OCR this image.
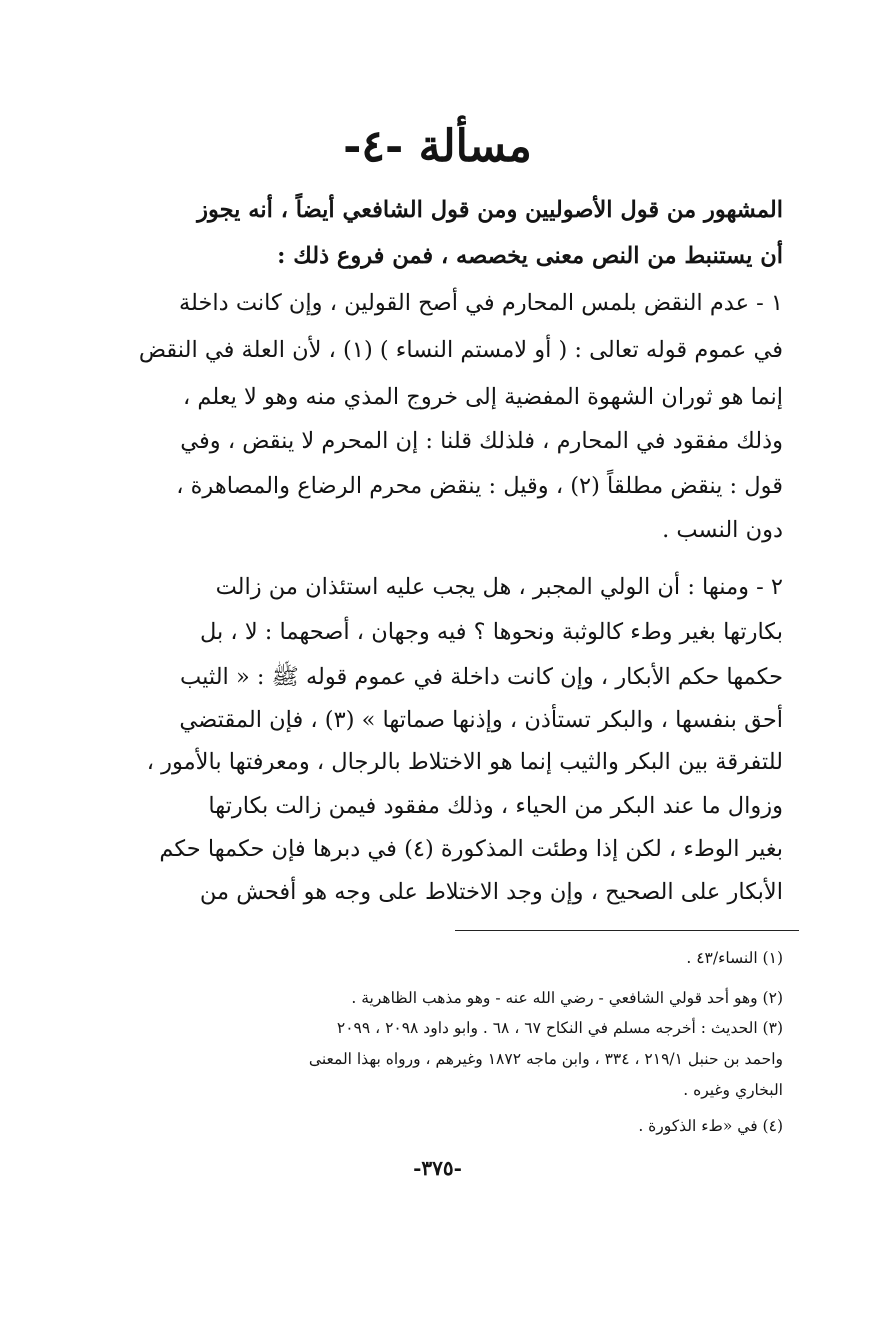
مسألة -٤-
المشهور من قول الأصوليين ومن قول الشافعي أيضاً ، أنه يجوز
أن يستنبط من النص معنى يخصصه ، فمن فروع ذلك :
١ - عدم النقض بلمس المحارم في أصح القولين ، وإن كانت داخلة
في عموم قوله تعالى : ( أو لامستم النساء ) (١) ، لأن العلة في النقض
إنما هو ثوران الشهوة المفضية إلى خروج المذي منه وهو لا يعلم ،
وذلك مفقود في المحارم ، فلذلك قلنا : إن المحرم لا ينقض ، وفي
قول : ينقض مطلقاً (٢) ، وقيل : ينقض محرم الرضاع والمصاهرة ،
دون النسب .
٢ - ومنها : أن الولي المجبر ، هل يجب عليه استئذان من زالت
بكارتها بغير وطء كالوثبة ونحوها ؟ فيه وجهان ، أصحهما : لا ، بل
حكمها حكم الأبكار ، وإن كانت داخلة في عموم قوله ﷺ : « الثيب
أحق بنفسها ، والبكر تستأذن ، وإذنها صماتها » (٣) ، فإن المقتضي
للتفرقة بين البكر والثيب إنما هو الاختلاط بالرجال ، ومعرفتها بالأمور ،
وزوال ما عند البكر من الحياء ، وذلك مفقود فيمن زالت بكارتها
بغير الوطء ، لكن إذا وطئت المذكورة (٤) في دبرها فإن حكمها حكم
الأبكار على الصحيح ، وإن وجد الاختلاط على وجه هو أفحش من
(١) النساء/٤٣ .
(٢) وهو أحد قولي الشافعي - رضي الله عنه - وهو مذهب الظاهرية .
(٣) الحديث : أخرجه مسلم في النكاح ٦٧ ، ٦٨ . وابو داود ٢٠٩٨ ، ٢٠٩٩
واحمد بن حنبل ٢١٩/١ ، ٣٣٤ ، وابن ماجه ١٨٧٢ وغيرهم ، ورواه بهذا المعنى
البخاري وغيره .
(٤) في «طء الذكورة .
-٣٧٥-
